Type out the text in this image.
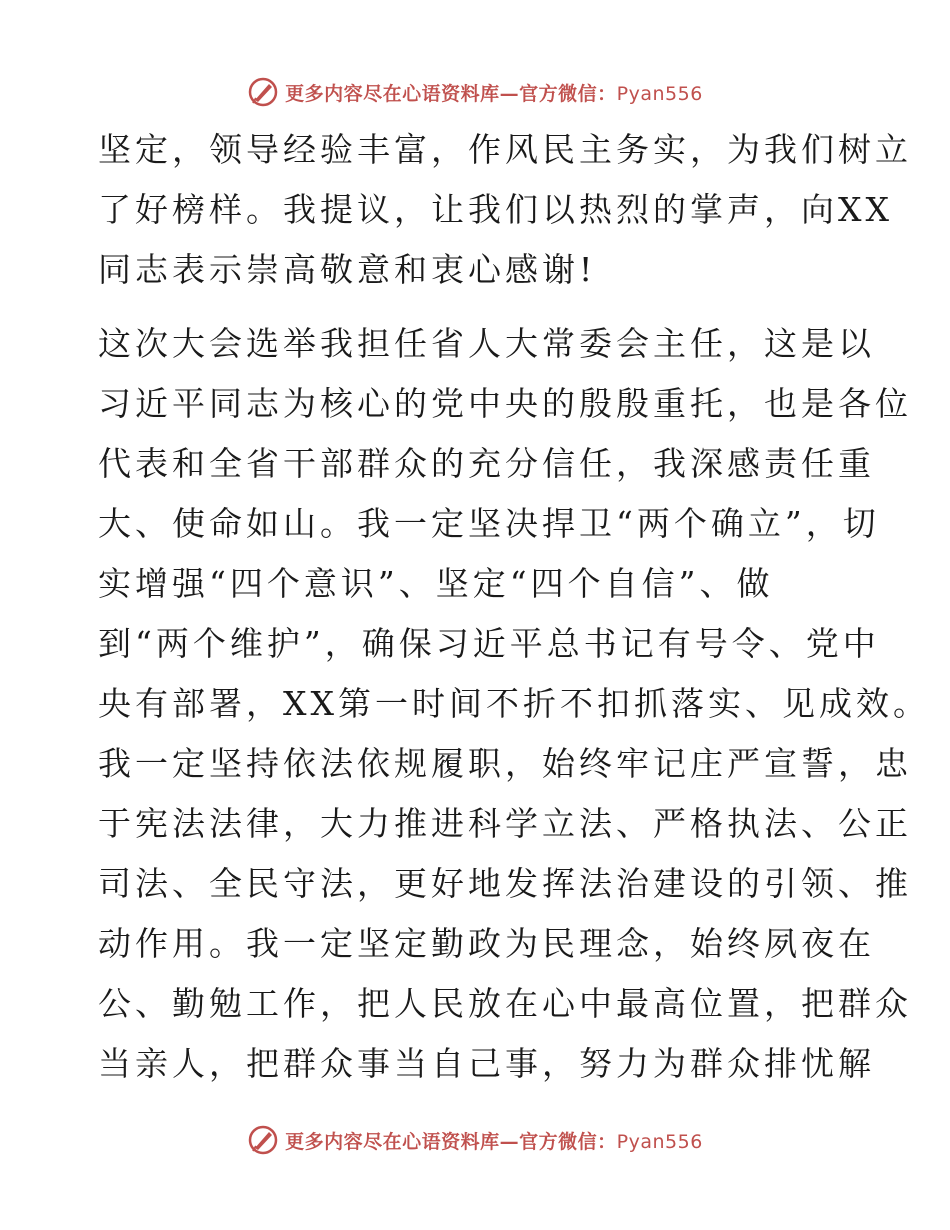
更多内容尽在心语资料库—官方微信：Pyan556
坚定，领导经验丰富，作风民主务实，为我们树立
了好榜样。我提议，让我们以热烈的掌声，向XX
同志表示崇高敬意和衷心感谢!
这次大会选举我担任省人大常委会主任，这是以
习近平同志为核心的党中央的殷殷重托，也是各位
代表和全省干部群众的充分信任，我深感责任重
大、使命如山。我一定坚决捍卫“两个确立”，切
实增强“四个意识”、坚定“四个自信”、做
到“两个维护”，确保习近平总书记有号令、党中
央有部署，XX第一时间不折不扣抓落实、见成效。
我一定坚持依法依规履职，始终牢记庄严宣誓，忠
于宪法法律，大力推进科学立法、严格执法、公正
司法、全民守法，更好地发挥法治建设的引领、推
动作用。我一定坚定勤政为民理念，始终夙夜在
公、勤勉工作，把人民放在心中最高位置，把群众
当亲人，把群众事当自己事，努力为群众排忧解
更多内容尽在心语资料库—官方微信：Pyan556
